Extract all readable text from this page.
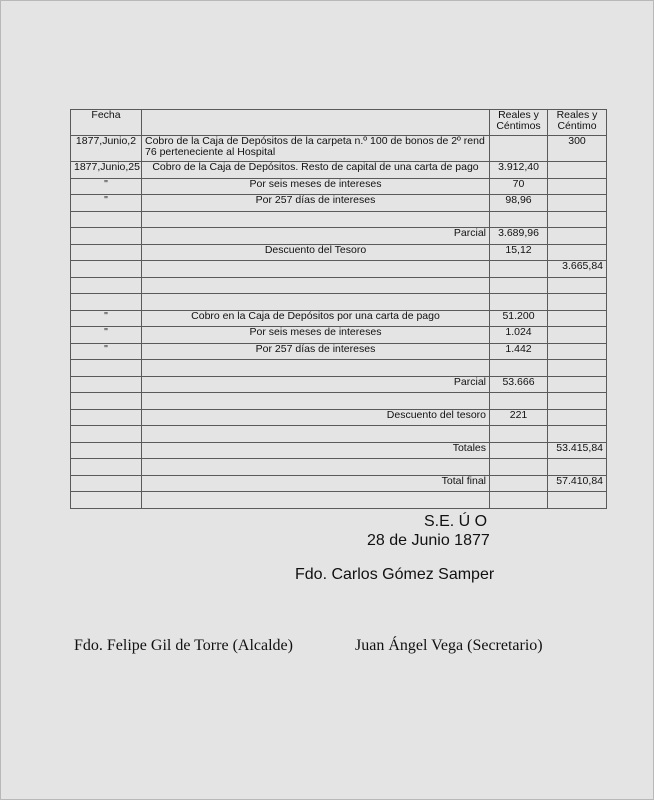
Fecha		Reales y Céntimos	Reales y Céntimo
1877,Junio,2	Cobro de la Caja de Depósitos de la carpeta n.º 100 de bonos de 2º rend 76 perteneciente al Hospital		300
1877,Junio,25	Cobro de la Caja de Depósitos. Resto de capital de una carta de pago	3.912,40	
"	Por seis meses de intereses	70	
"	Por 257 días de intereses	98,96	

	Parcial	3.689,96	
	Descuento del Tesoro	15,12	
			3.665,84

"	Cobro en la Caja de Depósitos por una carta de pago	51.200	
"	Por seis meses de intereses	1.024	
"	Por 257 días de intereses	1.442	

	Parcial	53.666	

	Descuento del tesoro	221	

	Totales		53.415,84

	Total final		57.410,84

S.E. Ú O
28 de Junio 1877
Fdo. Carlos Gómez Samper
Fdo. Felipe Gil de Torre (Alcalde)	Juan Ángel Vega (Secretario)
